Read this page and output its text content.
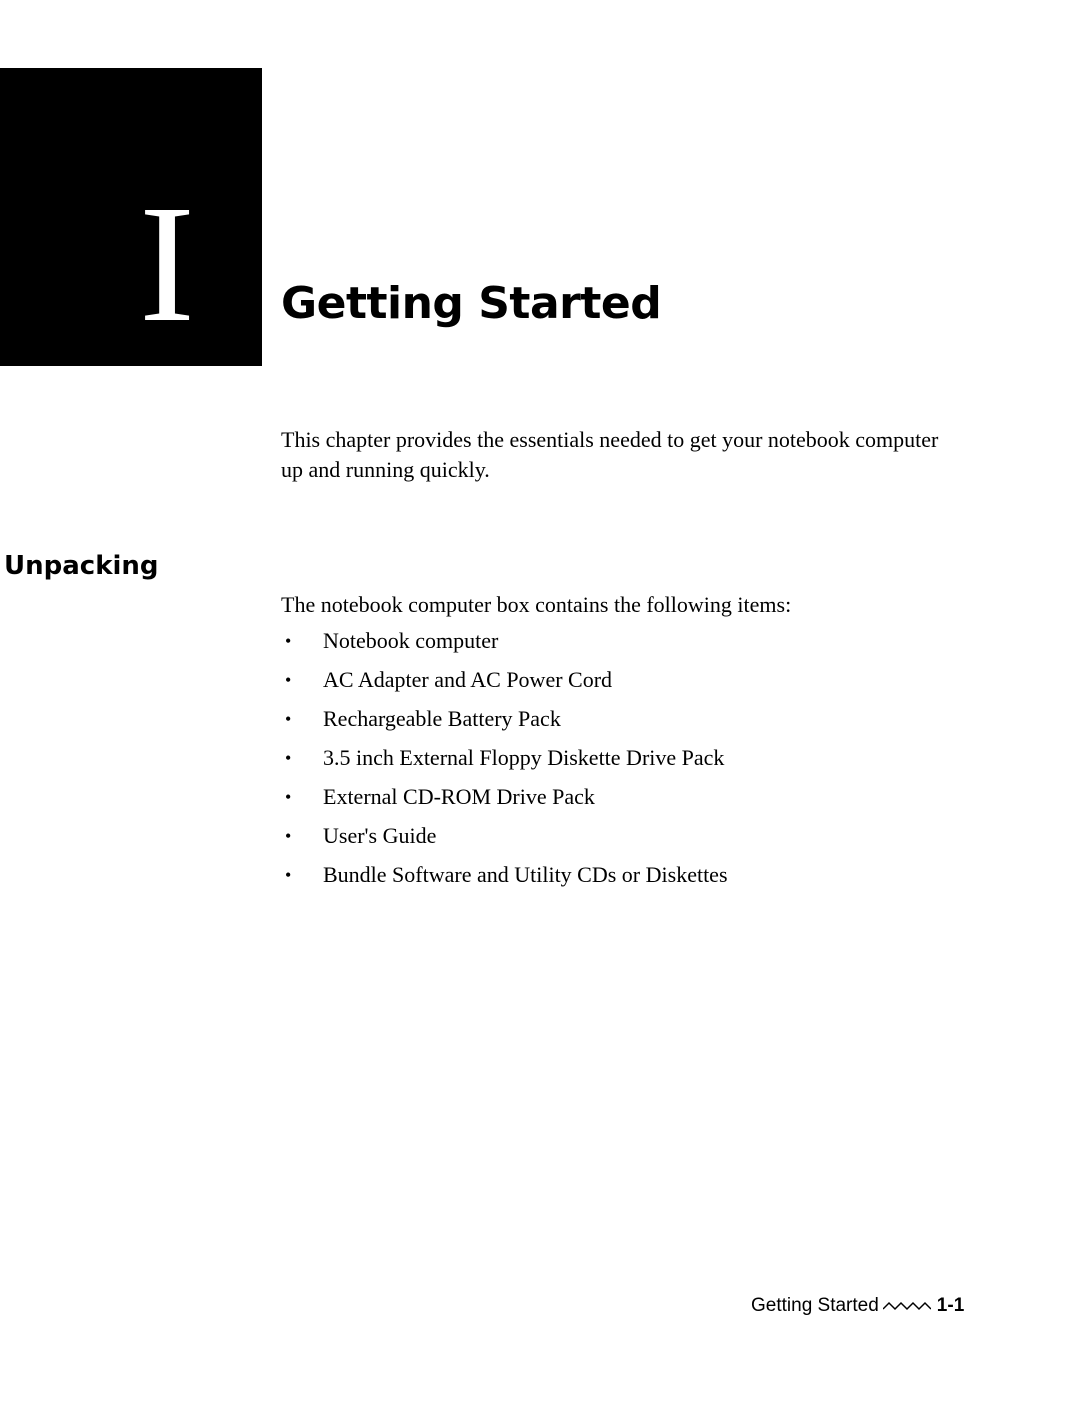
I	Getting Started

This chapter provides the essentials needed to get your notebook computer up and running quickly.

Unpacking

The notebook computer box contains the following items:

• Notebook computer
• AC Adapter and AC Power Cord
• Rechargeable Battery Pack
• 3.5 inch External Floppy Diskette Drive Pack
• External CD-ROM Drive Pack
• User's Guide
• Bundle Software and Utility CDs or Diskettes
Getting Started	1-1
